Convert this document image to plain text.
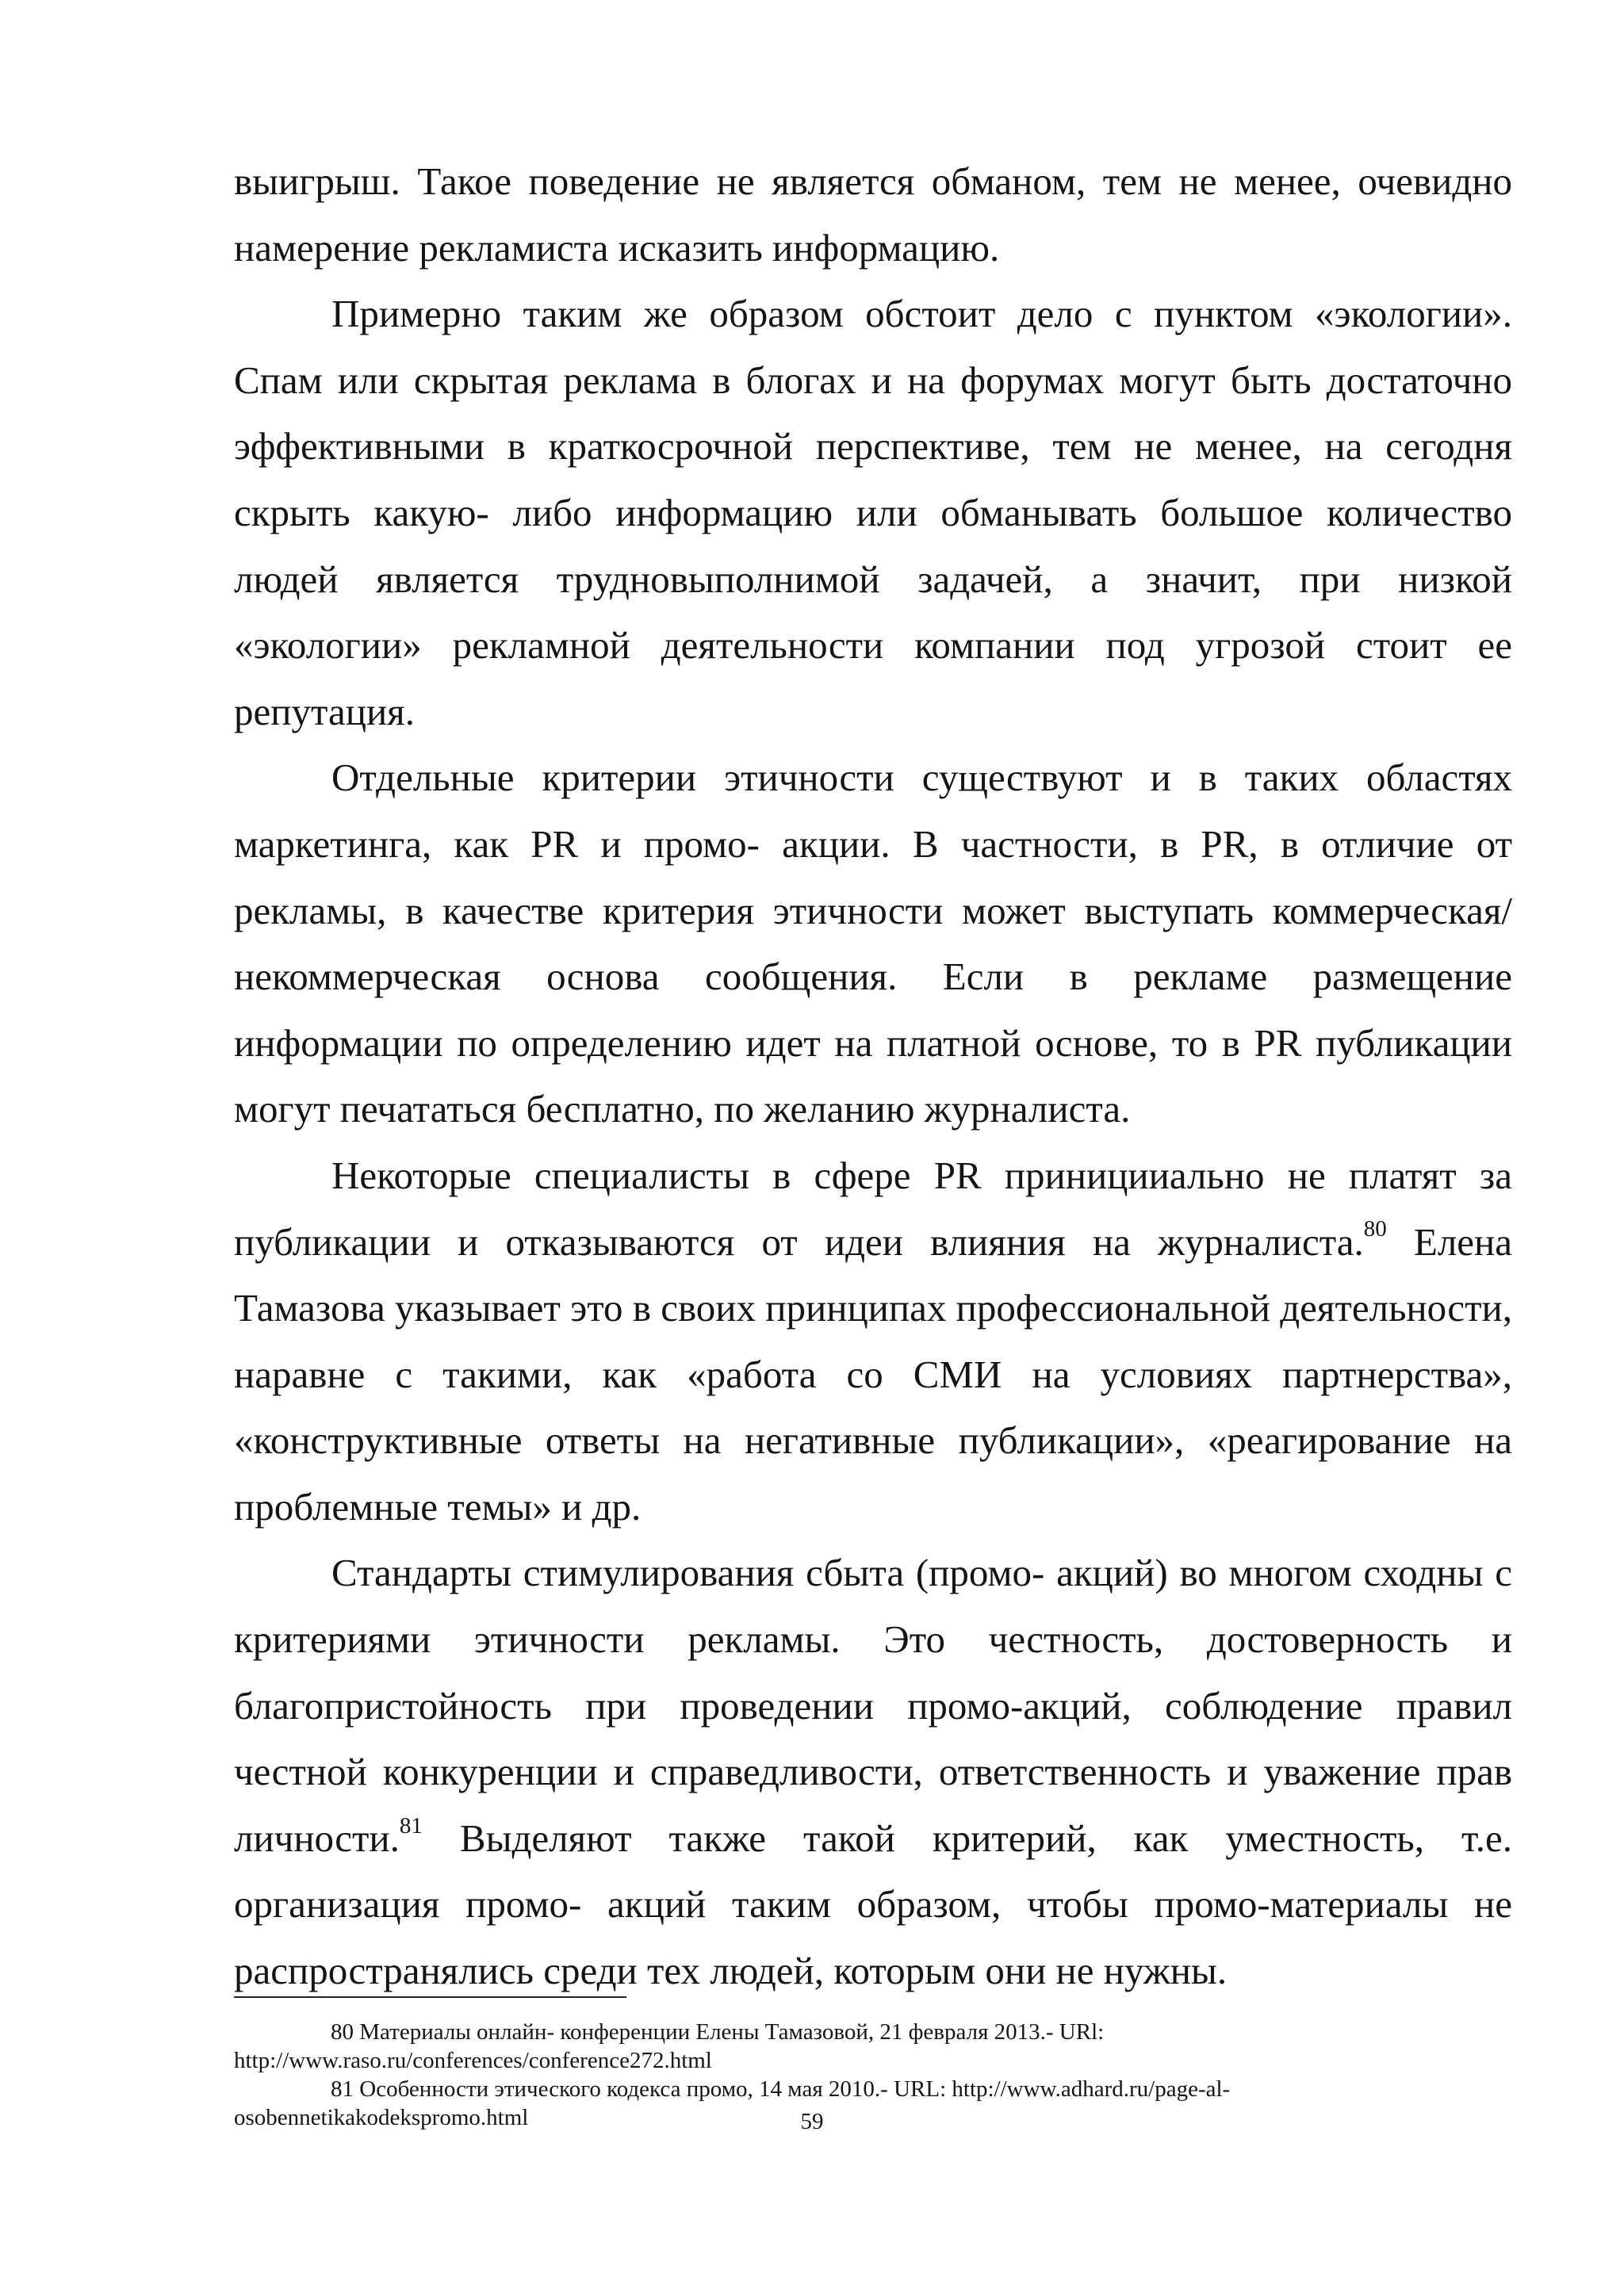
выигрыш. Такое поведение не является обманом, тем не менее, очевидно намерение рекламиста исказить информацию.

Примерно таким же образом обстоит дело с пунктом «экологии». Спам или скрытая реклама в блогах и на форумах могут быть достаточно эффективными в краткосрочной перспективе, тем не менее, на сегодня скрыть какую- либо информацию или обманывать большое количество людей является трудновыполнимой задачей, а значит, при низкой «экологии» рекламной деятельности компании под угрозой стоит ее репутация.

Отдельные критерии этичности существуют и в таких областях маркетинга, как PR и промо- акции. В частности, в PR, в отличие от рекламы, в качестве критерия этичности может выступать коммерческая/ некоммерческая основа сообщения. Если в рекламе размещение информации по определению идет на платной основе, то в PR публикации могут печататься бесплатно, по желанию журналиста.

Некоторые специалисты в сфере PR приницииально не платят за публикации и отказываются от идеи влияния на журналиста.$^{80}$ Елена Тамазова указывает это в своих принципах профессиональной деятельности, наравне с такими, как «работа со СМИ на условиях партнерства», «конструктивные ответы на негативные публикации», «реагирование на проблемные темы» и др.

Стандарты стимулирования сбыта (промо- акций) во многом сходны с критериями этичности рекламы. Это честность, достоверность и благопристойность при проведении промо-акций, соблюдение правил честной конкуренции и справедливости, ответственность и уважение прав личности.$^{81}$ Выделяют также такой критерий, как уместность, т.е. организация промо- акций таким образом, чтобы промо-материалы не распространялись среди тех людей, которым они не нужны.

80 Материалы онлайн- конференции Елены Тамазовой, 21 февраля 2013.- URl:
http://www.raso.ru/conferences/conference272.html

81 Особенности этического кодекса промо, 14 мая 2010.- URL: http://www.adhard.ru/page-al-
osobennetikakodekspromo.html	59
